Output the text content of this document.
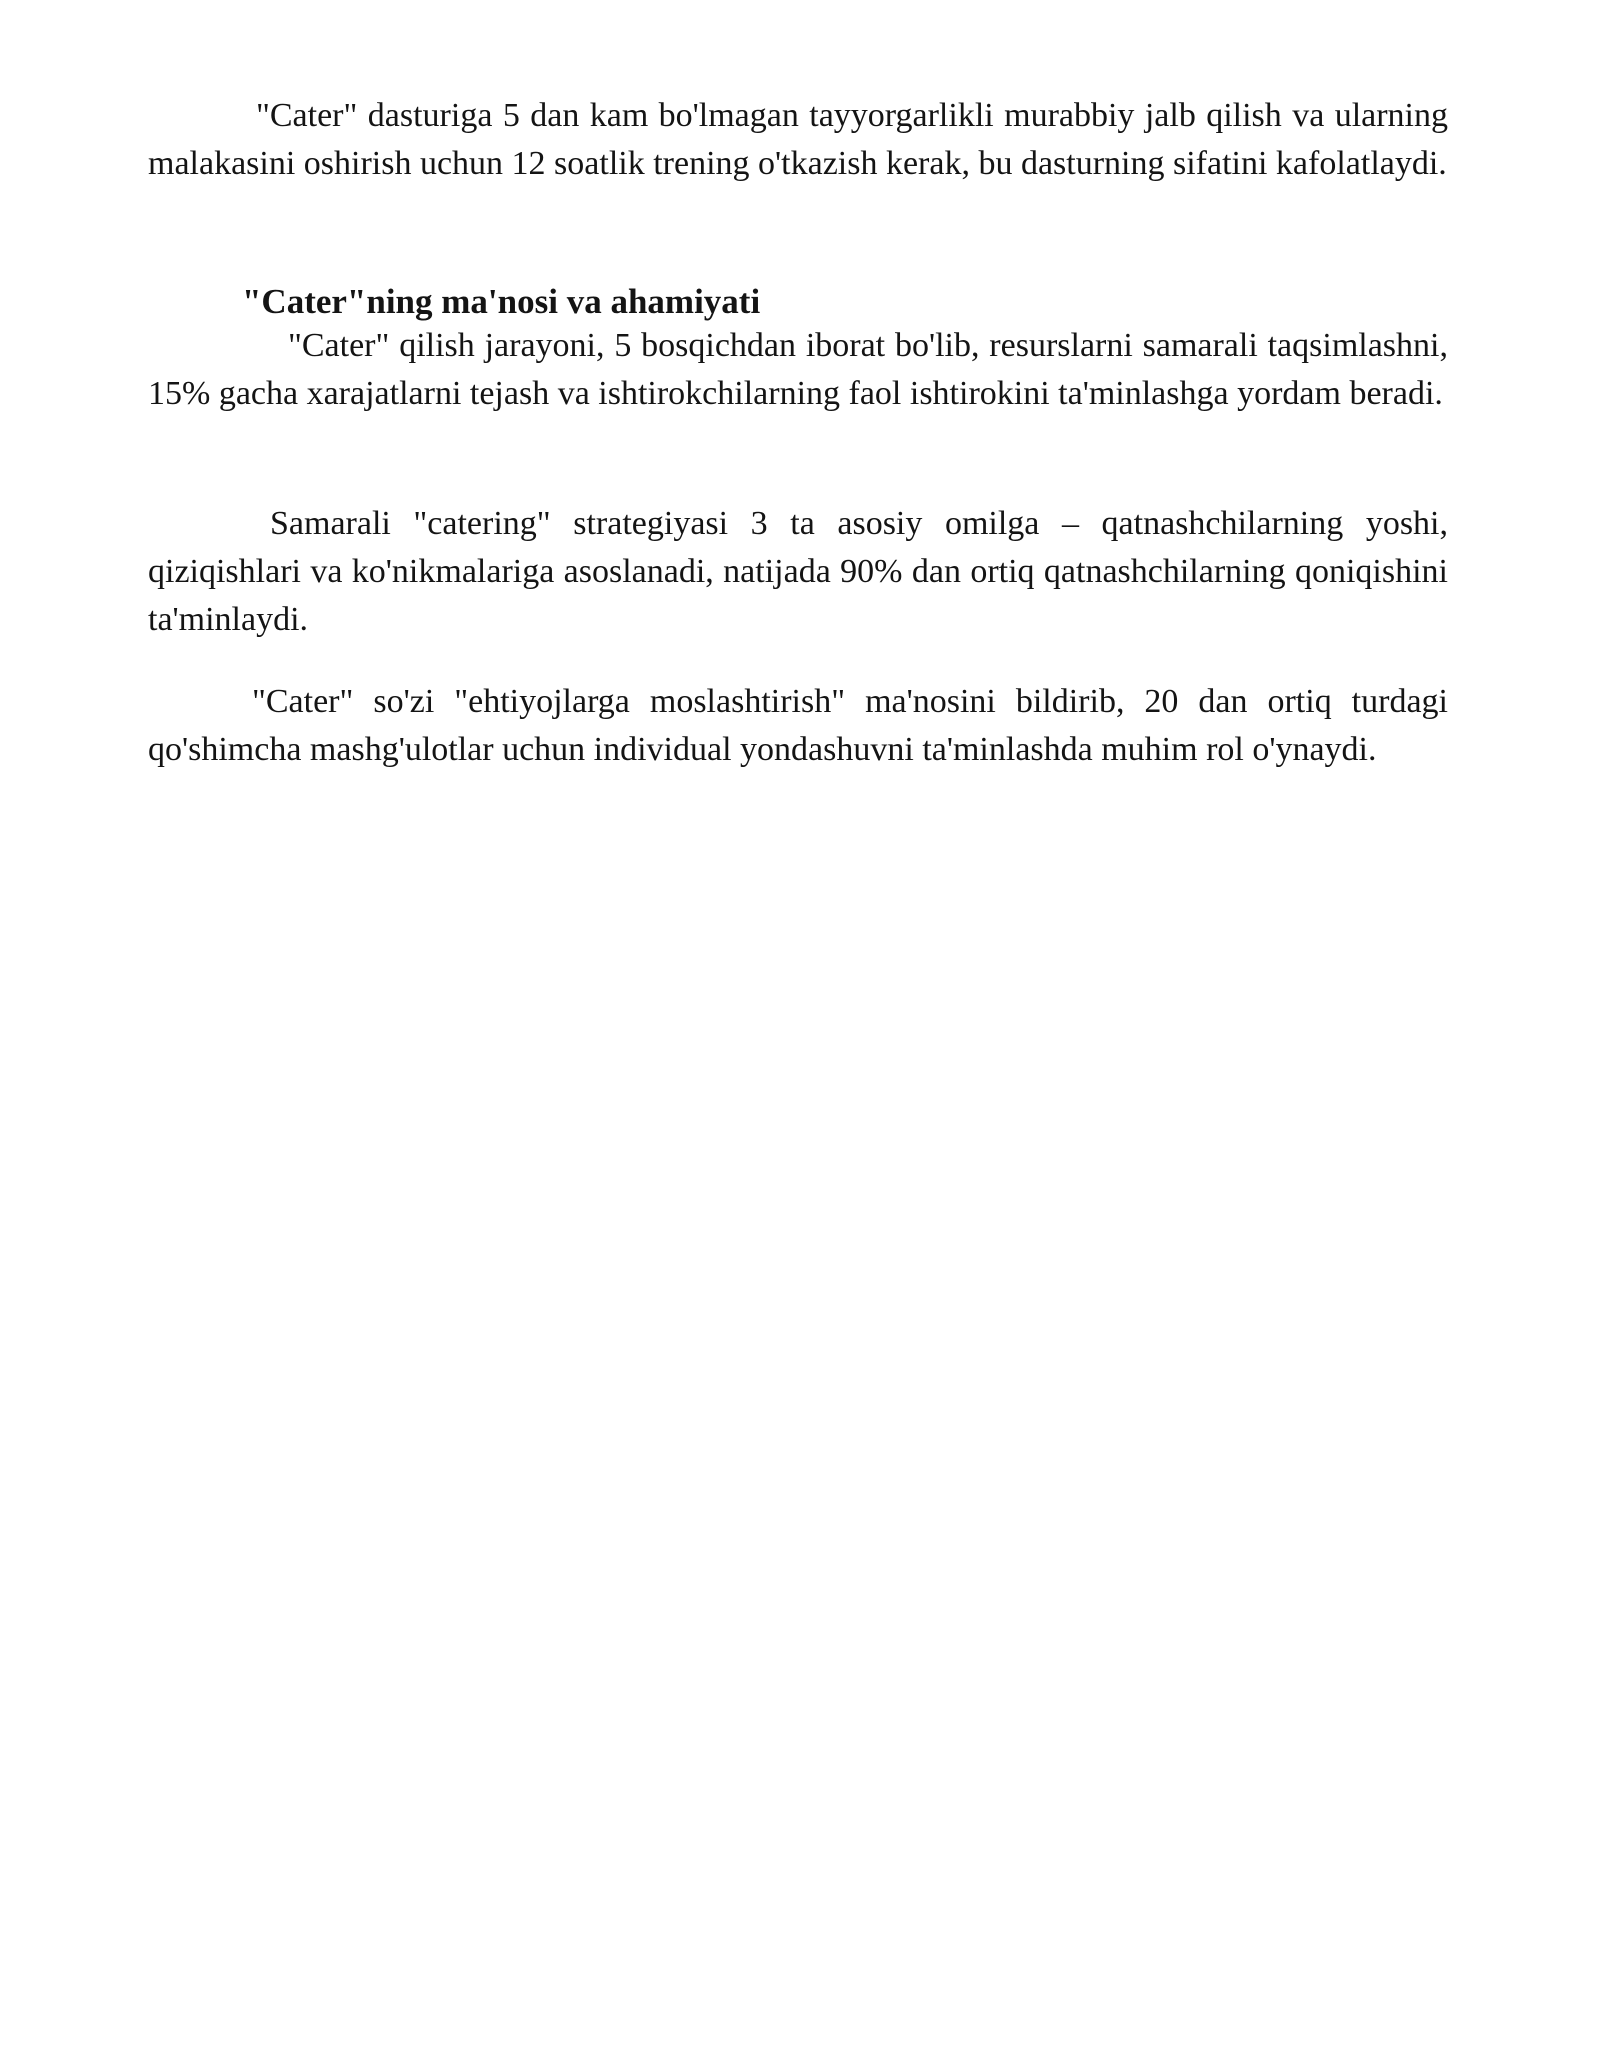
"Cater" dasturiga 5 dan kam bo'lmagan tayyorgarlikli murabbiy jalb qilish va ularning malakasini oshirish uchun 12 soatlik trening o'tkazish kerak, bu dasturning sifatini kafolatlaydi.

"Cater"ning ma'nosi va ahamiyati

"Cater" qilish jarayoni, 5 bosqichdan iborat bo'lib, resurslarni samarali taqsimlashni, 15% gacha xarajatlarni tejash va ishtirokchilarning faol ishtirokini ta'minlashga yordam beradi.

Samarali "catering" strategiyasi 3 ta asosiy omilga – qatnashchilarning yoshi, qiziqishlari va ko'nikmalariga asoslanadi, natijada 90% dan ortiq qatnashchilarning qoniqishini ta'minlaydi.

"Cater" so'zi "ehtiyojlarga moslashtirish" ma'nosini bildirib, 20 dan ortiq turdagi qo'shimcha mashg'ulotlar uchun individual yondashuvni ta'minlashda muhim rol o'ynaydi.
